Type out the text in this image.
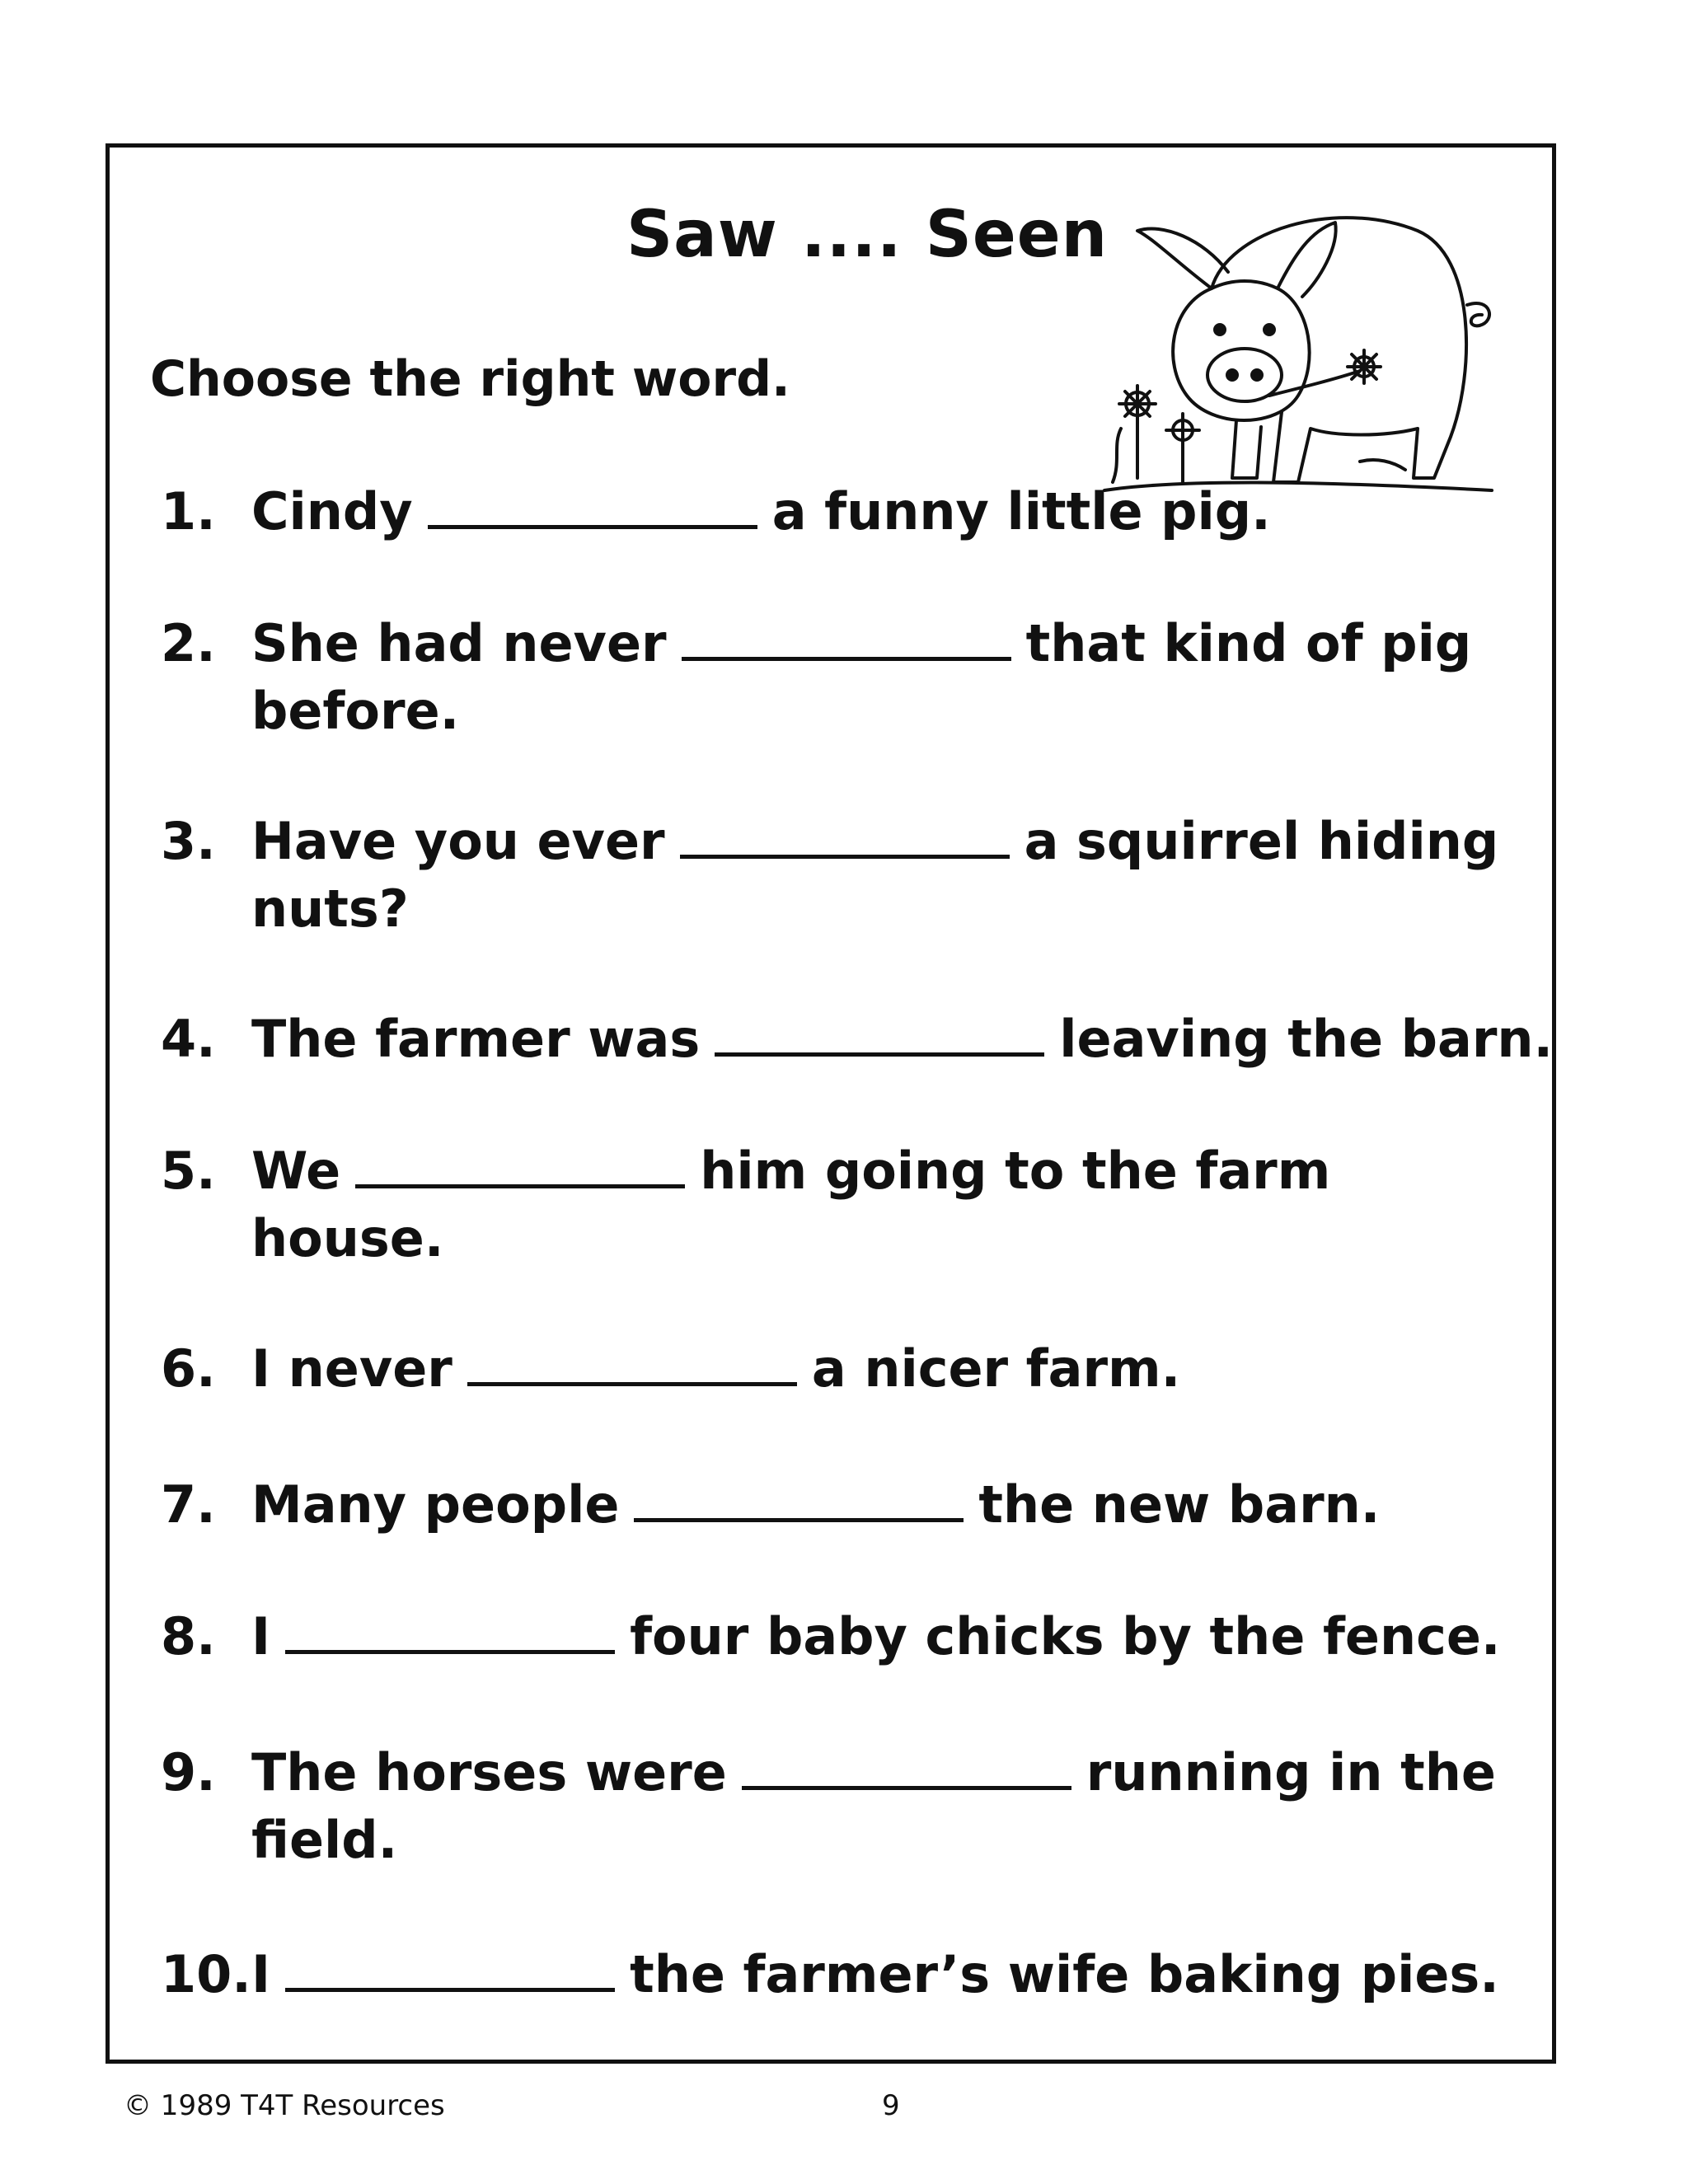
Saw .... Seen
Choose the right word.
1. Cindy	a funny little pig.
2. She had never	that kind of pig
before.
3. Have you ever	a squirrel hiding
nuts?
4. The farmer was	leaving the barn.
5. We	him going to the farm
house.
6. I never	a nicer farm.
7. Many people	the new barn.
8. I	four baby chicks by the fence.
9. The horses were	running in the
field.
10.I	the farmer’s wife baking pies.
© 1989 T4T Resources	9
